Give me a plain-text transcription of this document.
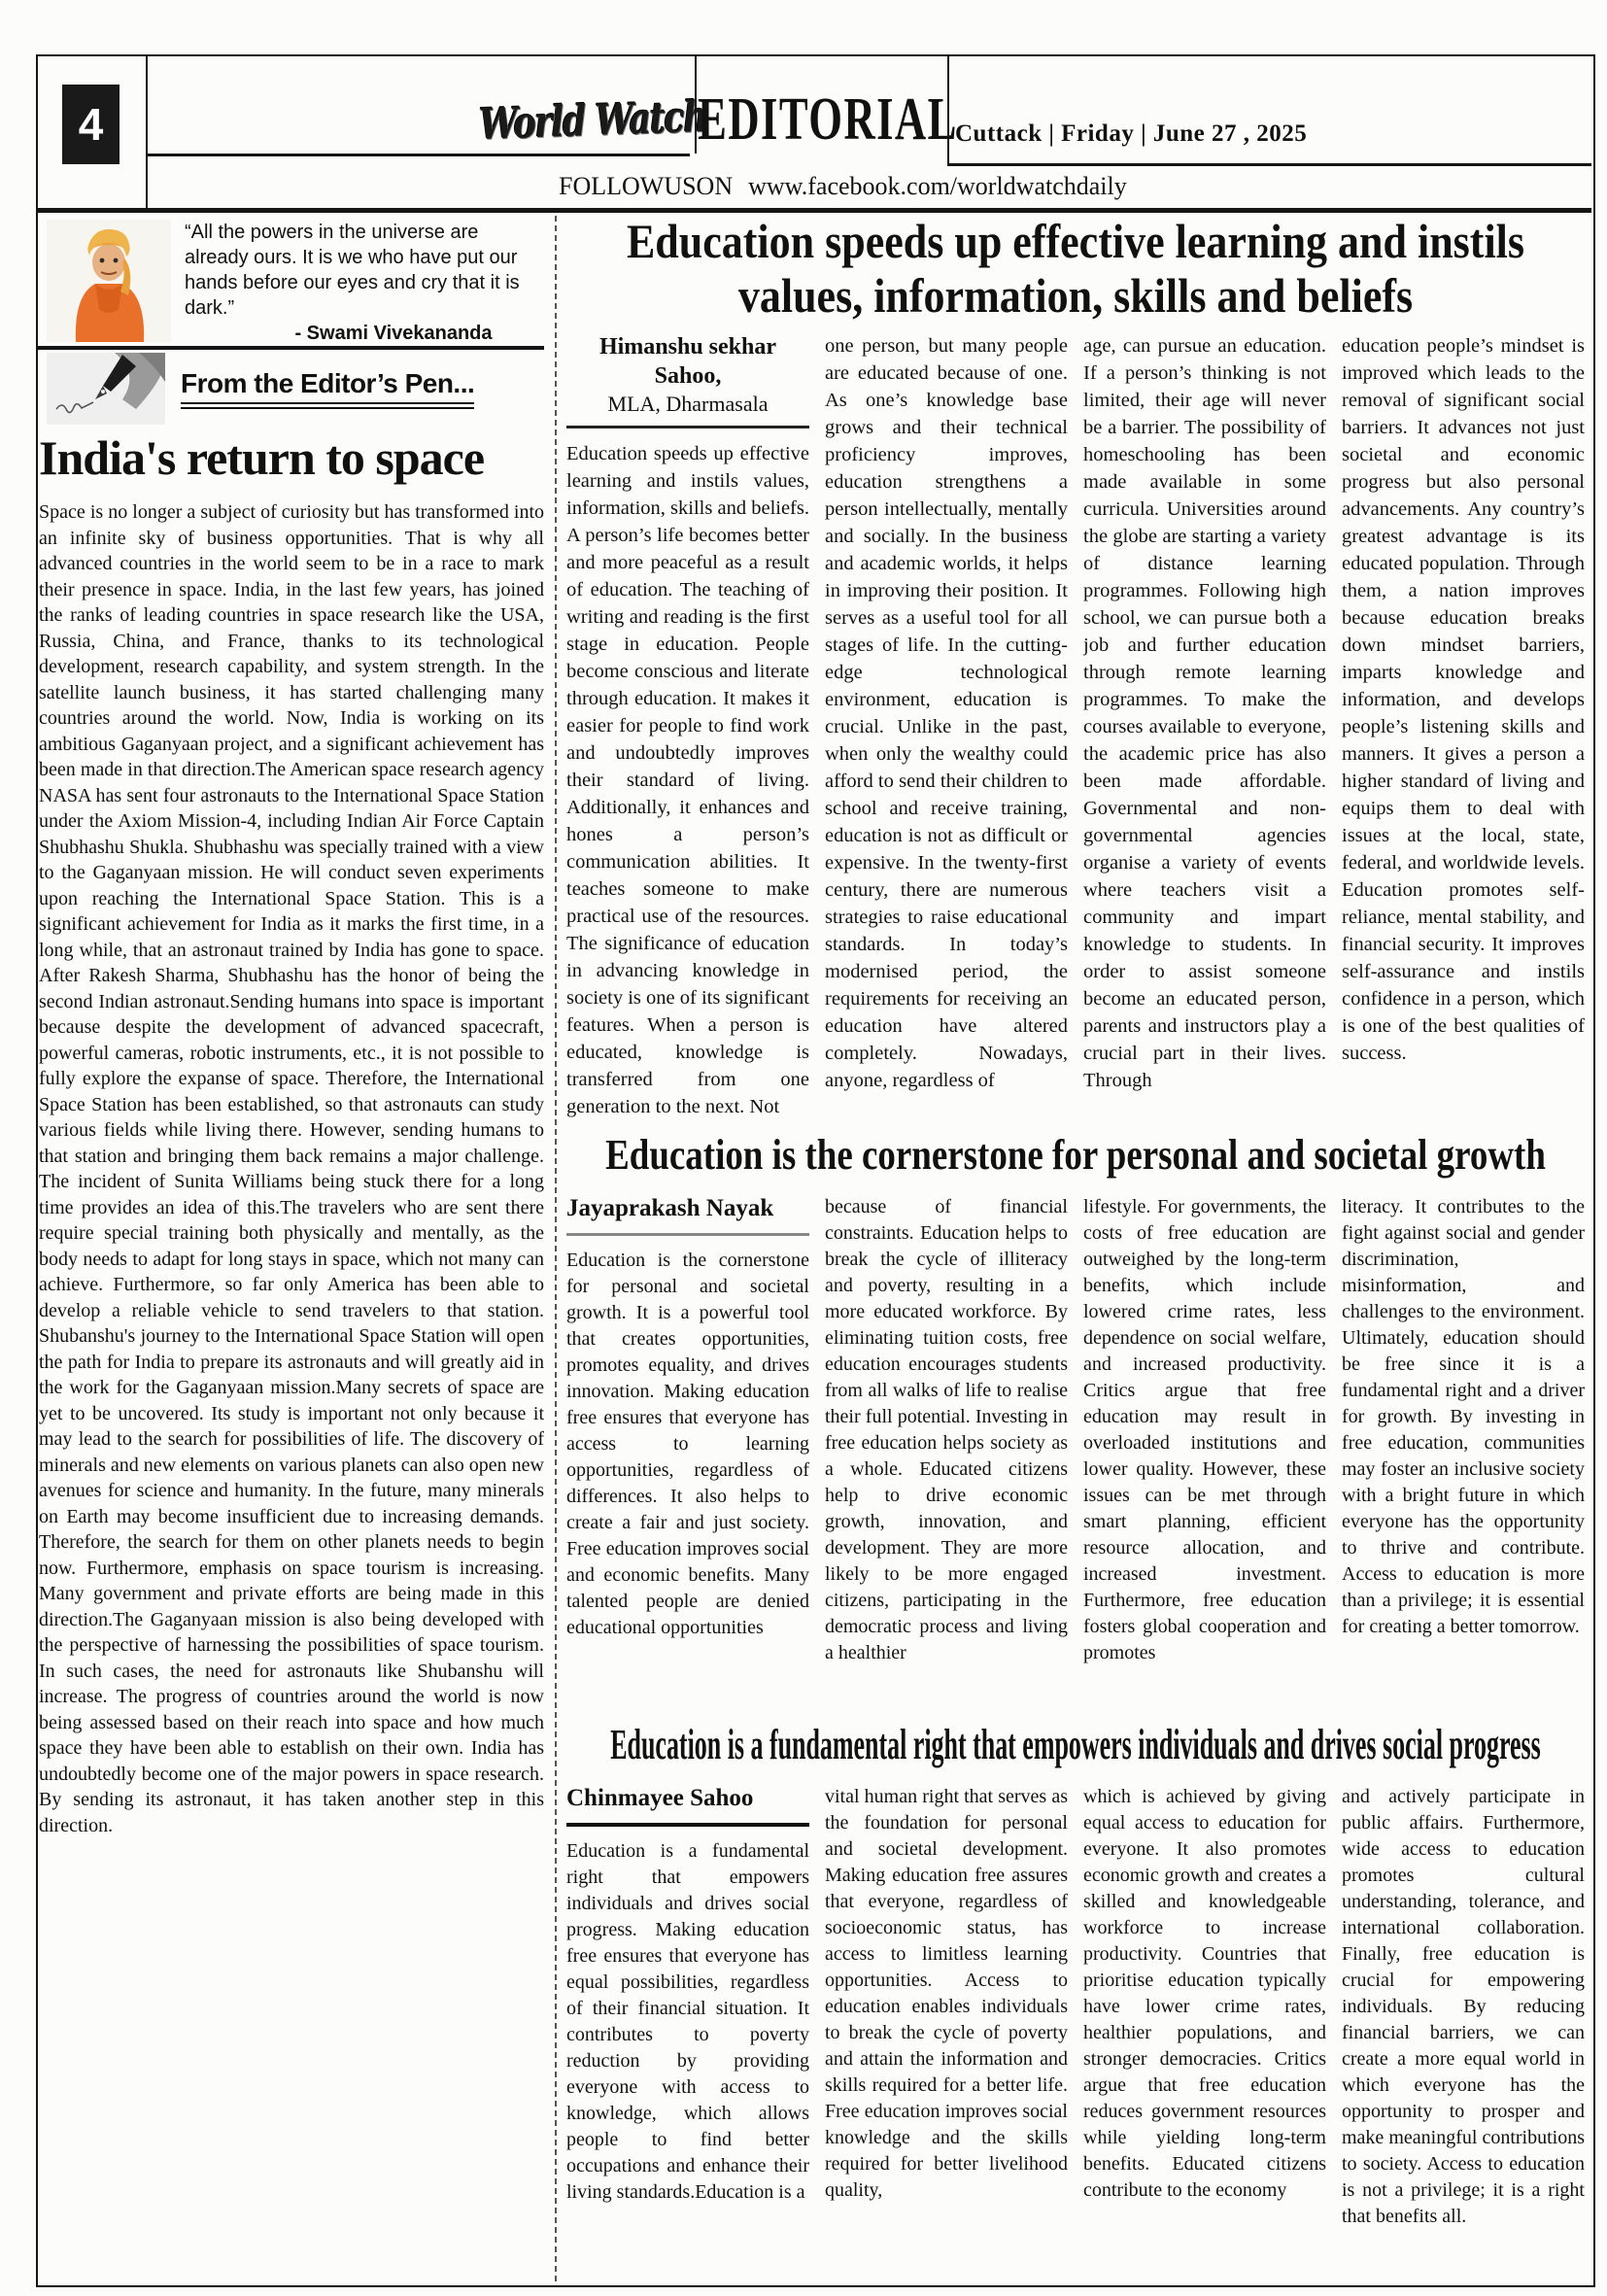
4	World Watch
EDITORIAL
Cuttack | Friday | June 27 , 2025
FOLLOWUSON www.facebook.com/worldwatchdaily
“All the powers in the universe are already ours. It is we who have put our hands before our eyes and cry that it is dark.”
- Swami Vivekananda
From the Editor’s Pen...
India's return to space
Space is no longer a subject of curiosity but has transformed into an infinite sky of business opportunities. That is why all advanced countries in the world seem to be in a race to mark their presence in space. India, in the last few years, has joined the ranks of leading countries in space research like the USA, Russia, China, and France, thanks to its technological development, research capability, and system strength. In the satellite launch business, it has started challenging many countries around the world. Now, India is working on its ambitious Gaganyaan project, and a significant achievement has been made in that direction.The American space research agency NASA has sent four astronauts to the International Space Station under the Axiom Mission-4, including Indian Air Force Captain Shubhashu Shukla. Shubhashu was specially trained with a view to the Gaganyaan mission. He will conduct seven experiments upon reaching the International Space Station. This is a significant achievement for India as it marks the first time, in a long while, that an astronaut trained by India has gone to space. After Rakesh Sharma, Shubhashu has the honor of being the second Indian astronaut.Sending humans into space is important because despite the development of advanced spacecraft, powerful cameras, robotic instruments, etc., it is not possible to fully explore the expanse of space. Therefore, the International Space Station has been established, so that astronauts can study various fields while living there. However, sending humans to that station and bringing them back remains a major challenge. The incident of Sunita Williams being stuck there for a long time provides an idea of this.The travelers who are sent there require special training both physically and mentally, as the body needs to adapt for long stays in space, which not many can achieve. Furthermore, so far only America has been able to develop a reliable vehicle to send travelers to that station. Shubanshu's journey to the International Space Station will open the path for India to prepare its astronauts and will greatly aid in the work for the Gaganyaan mission.Many secrets of space are yet to be uncovered. Its study is important not only because it may lead to the search for possibilities of life. The discovery of minerals and new elements on various planets can also open new avenues for science and humanity. In the future, many minerals on Earth may become insufficient due to increasing demands. Therefore, the search for them on other planets needs to begin now. Furthermore, emphasis on space tourism is increasing. Many government and private efforts are being made in this direction.The Gaganyaan mission is also being developed with the perspective of harnessing the possibilities of space tourism. In such cases, the need for astronauts like Shubanshu will increase. The progress of countries around the world is now being assessed based on their reach into space and how much space they have been able to establish on their own. India has undoubtedly become one of the major powers in space research. By sending its astronaut, it has taken another step in this direction.
Education speeds up effective learning and instils values, information, skills and beliefs
Himanshu sekhar Sahoo,
MLA, Dharmasala
Education speeds up effective learning and instils values, information, skills and beliefs. A person’s life becomes better and more peaceful as a result of education. The teaching of writing and reading is the first stage in education. People become conscious and literate through education. It makes it easier for people to find work and undoubtedly improves their standard of living. Additionally, it enhances and hones a person’s communication abilities. It teaches someone to make practical use of the resources. The significance of education in advancing knowledge in society is one of its significant features. When a person is educated, knowledge is transferred from one generation to the next. Not
one person, but many people are educated because of one. As one’s knowledge base grows and their technical proficiency improves, education strengthens a person intellectually, mentally and socially. In the business and academic worlds, it helps in improving their position. It serves as a useful tool for all stages of life. In the cutting-edge technological environment, education is crucial. Unlike in the past, when only the wealthy could afford to send their children to school and receive training, education is not as difficult or expensive. In the twenty-first century, there are numerous strategies to raise educational standards. In today’s modernised period, the requirements for receiving an education have altered completely. Nowadays, anyone, regardless of
age, can pursue an education. If a person’s thinking is not limited, their age will never be a barrier. The possibility of homeschooling has been made available in some curricula. Universities around the globe are starting a variety of distance learning programmes. Following high school, we can pursue both a job and further education through remote learning programmes. To make the courses available to everyone, the academic price has also been made affordable. Governmental and non-governmental agencies organise a variety of events where teachers visit a community and impart knowledge to students. In order to assist someone become an educated person, parents and instructors play a crucial part in their lives. Through
education people’s mindset is improved which leads to the removal of significant social barriers. It advances not just societal and economic progress but also personal advancements. Any country’s greatest advantage is its educated population. Through them, a nation improves because education breaks down mindset barriers, imparts knowledge and information, and develops people’s listening skills and manners. It gives a person a higher standard of living and equips them to deal with issues at the local, state, federal, and worldwide levels. Education promotes self-reliance, mental stability, and financial security. It improves self-assurance and instils confidence in a person, which is one of the best qualities of success.
Education is the cornerstone for personal and societal growth
Jayaprakash Nayak
Education is the cornerstone for personal and societal growth. It is a powerful tool that creates opportunities, promotes equality, and drives innovation. Making education free ensures that everyone has access to learning opportunities, regardless of differences. It also helps to create a fair and just society. Free education improves social and economic benefits. Many talented people are denied educational opportunities
because of financial constraints. Education helps to break the cycle of illiteracy and poverty, resulting in a more educated workforce. By eliminating tuition costs, free education encourages students from all walks of life to realise their full potential. Investing in free education helps society as a whole. Educated citizens help to drive economic growth, innovation, and development. They are more likely to be more engaged citizens, participating in the democratic process and living a healthier
lifestyle. For governments, the costs of free education are outweighed by the long-term benefits, which include lowered crime rates, less dependence on social welfare, and increased productivity. Critics argue that free education may result in overloaded institutions and lower quality. However, these issues can be met through smart planning, efficient resource allocation, and increased investment. Furthermore, free education fosters global cooperation and promotes
literacy. It contributes to the fight against social and gender discrimination, misinformation, and challenges to the environment. Ultimately, education should be free since it is a fundamental right and a driver for growth. By investing in free education, communities may foster an inclusive society with a bright future in which everyone has the opportunity to thrive and contribute. Access to education is more than a privilege; it is essential for creating a better tomorrow.
Education is a fundamental right that empowers individuals and drives social progress
Chinmayee Sahoo
Education is a fundamental right that empowers individuals and drives social progress. Making education free ensures that everyone has equal possibilities, regardless of their financial situation. It contributes to poverty reduction by providing everyone with access to knowledge, which allows people to find better occupations and enhance their living standards.Education is a
vital human right that serves as the foundation for personal and societal development. Making education free assures that everyone, regardless of socioeconomic status, has access to limitless learning opportunities. Access to education enables individuals to break the cycle of poverty and attain the information and skills required for a better life. Free education improves social knowledge and the skills required for better livelihood quality,
which is achieved by giving equal access to education for everyone. It also promotes economic growth and creates a skilled and knowledgeable workforce to increase productivity. Countries that prioritise education typically have lower crime rates, healthier populations, and stronger democracies. Critics argue that free education reduces government resources while yielding long-term benefits. Educated citizens contribute to the economy
and actively participate in public affairs. Furthermore, wide access to education promotes cultural understanding, tolerance, and international collaboration. Finally, free education is crucial for empowering individuals. By reducing financial barriers, we can create a more equal world in which everyone has the opportunity to prosper and make meaningful contributions to society. Access to education is not a privilege; it is a right that benefits all.
